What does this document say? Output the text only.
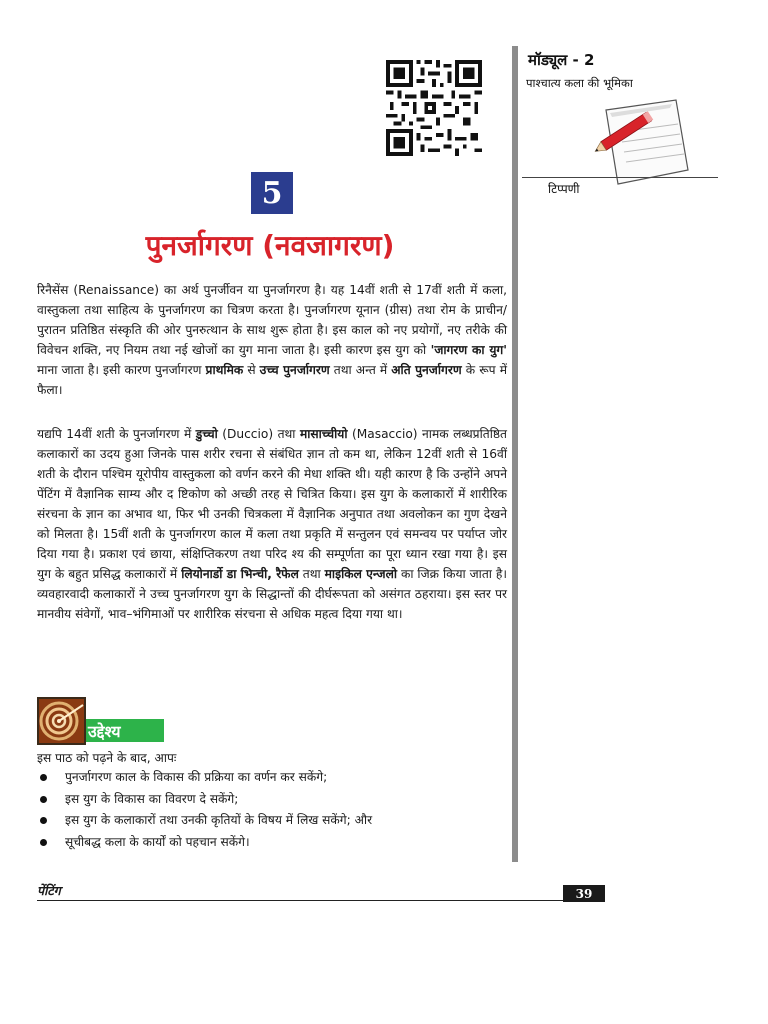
मॉड्यूल - 2
पाश्चात्य कला की भूमिका
टिप्पणी
5
पुनर्जागरण (नवजागरण)

रिनैसेंस (Renaissance) का अर्थ पुनर्जीवन या पुनर्जागरण है। यह 14वीं शती से 17वीं शती में कला, वास्तुकला तथा साहित्य के पुनर्जागरण का चित्रण करता है। पुनर्जागरण यूनान (ग्रीस) तथा रोम के प्राचीन/पुरातन प्रतिष्ठित संस्कृति की ओर पुनरुत्थान के साथ शुरू होता है। इस काल को नए प्रयोगों, नए तरीके की विवेचन शक्ति, नए नियम तथा नई खोजों का युग माना जाता है। इसी कारण इस युग को 'जागरण का युग' माना जाता है। इसी कारण पुनर्जागरण प्राथमिक से उच्च पुनर्जागरण तथा अन्त में अति पुनर्जागरण के रूप में फैला।

यद्यपि 14वीं शती के पुनर्जागरण में डुच्चो (Duccio) तथा मासाच्चीयो (Masaccio) नामक लब्धप्रतिष्ठित कलाकारों का उदय हुआ जिनके पास शरीर रचना से संबंधित ज्ञान तो कम था, लेकिन 12वीं शती से 16वीं शती के दौरान पश्चिम यूरोपीय वास्तुकला को वर्णन करने की मेधा शक्ति थी। यही कारण है कि उन्होंने अपने पेंटिंग में वैज्ञानिक साम्य और द ष्टिकोण को अच्छी तरह से चित्रित किया। इस युग के कलाकारों में शारीरिक संरचना के ज्ञान का अभाव था, फिर भी उनकी चित्रकला में वैज्ञानिक अनुपात तथा अवलोकन का गुण देखने को मिलता है। 15वीं शती के पुनर्जागरण काल में कला तथा प्रकृति में सन्तुलन एवं समन्वय पर पर्याप्त जोर दिया गया है। प्रकाश एवं छाया, संक्षिप्तिकरण तथा परिद श्य की सम्पूर्णता का पूरा ध्यान रखा गया है। इस युग के बहुत प्रसिद्ध कलाकारों में लियोनार्डो डा भिन्ची, रैफेल तथा माइकिल एन्जलो का जिक्र किया जाता है। व्यवहारवादी कलाकारों ने उच्च पुनर्जागरण युग के सिद्धान्तों की दीर्घरूपता को असंगत ठहराया। इस स्तर पर मानवीय संवेगों, भाव–भंगिमाओं पर शारीरिक संरचना से अधिक महत्व दिया गया था।

उद्देश्य
इस पाठ को पढ़ने के बाद, आपः
पुनर्जागरण काल के विकास की प्रक्रिया का वर्णन कर सकेंगे;
इस युग के विकास का विवरण दे सकेंगे;
इस युग के कलाकारों तथा उनकी कृतियों के विषय में लिख सकेंगे; और
सूचीबद्ध कला के कार्यों को पहचान सकेंगे।
पेंटिंग	39
